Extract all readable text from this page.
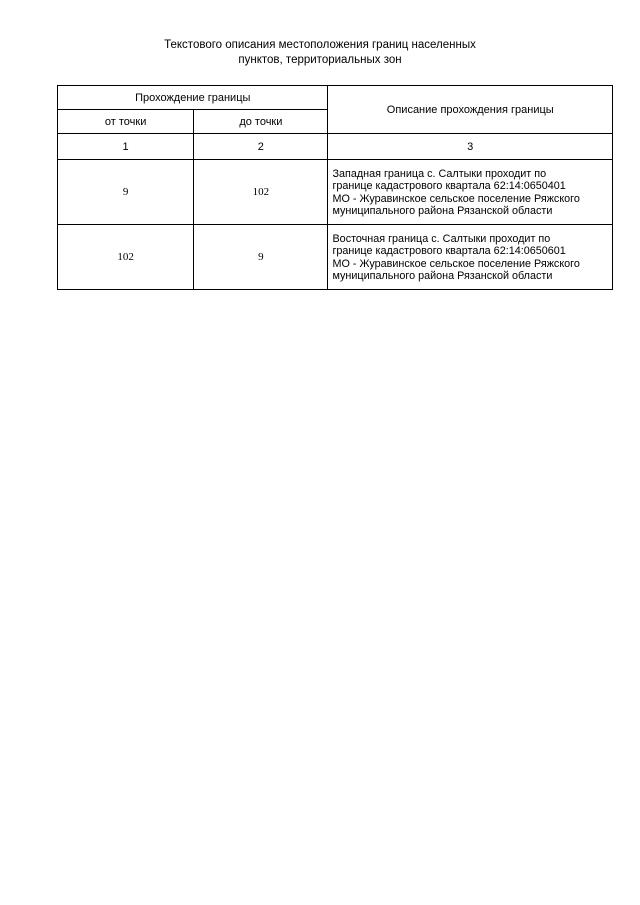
Текстового описания местоположения границ населенных
пунктов, территориальных зон
Прохождение границы		Описание прохождения границы
от точки	до точки	
1	2	3
9	102	Западная граница с. Салтыки проходит по
границе кадастрового квартала 62:14:0650401
МО - Журавинское сельское поселение Ряжского
муниципального района Рязанской области

102	9	Восточная граница с. Салтыки проходит по
границе кадастрового квартала 62:14:0650601
МО - Журавинское сельское поселение Ряжского
муниципального района Рязанской области
